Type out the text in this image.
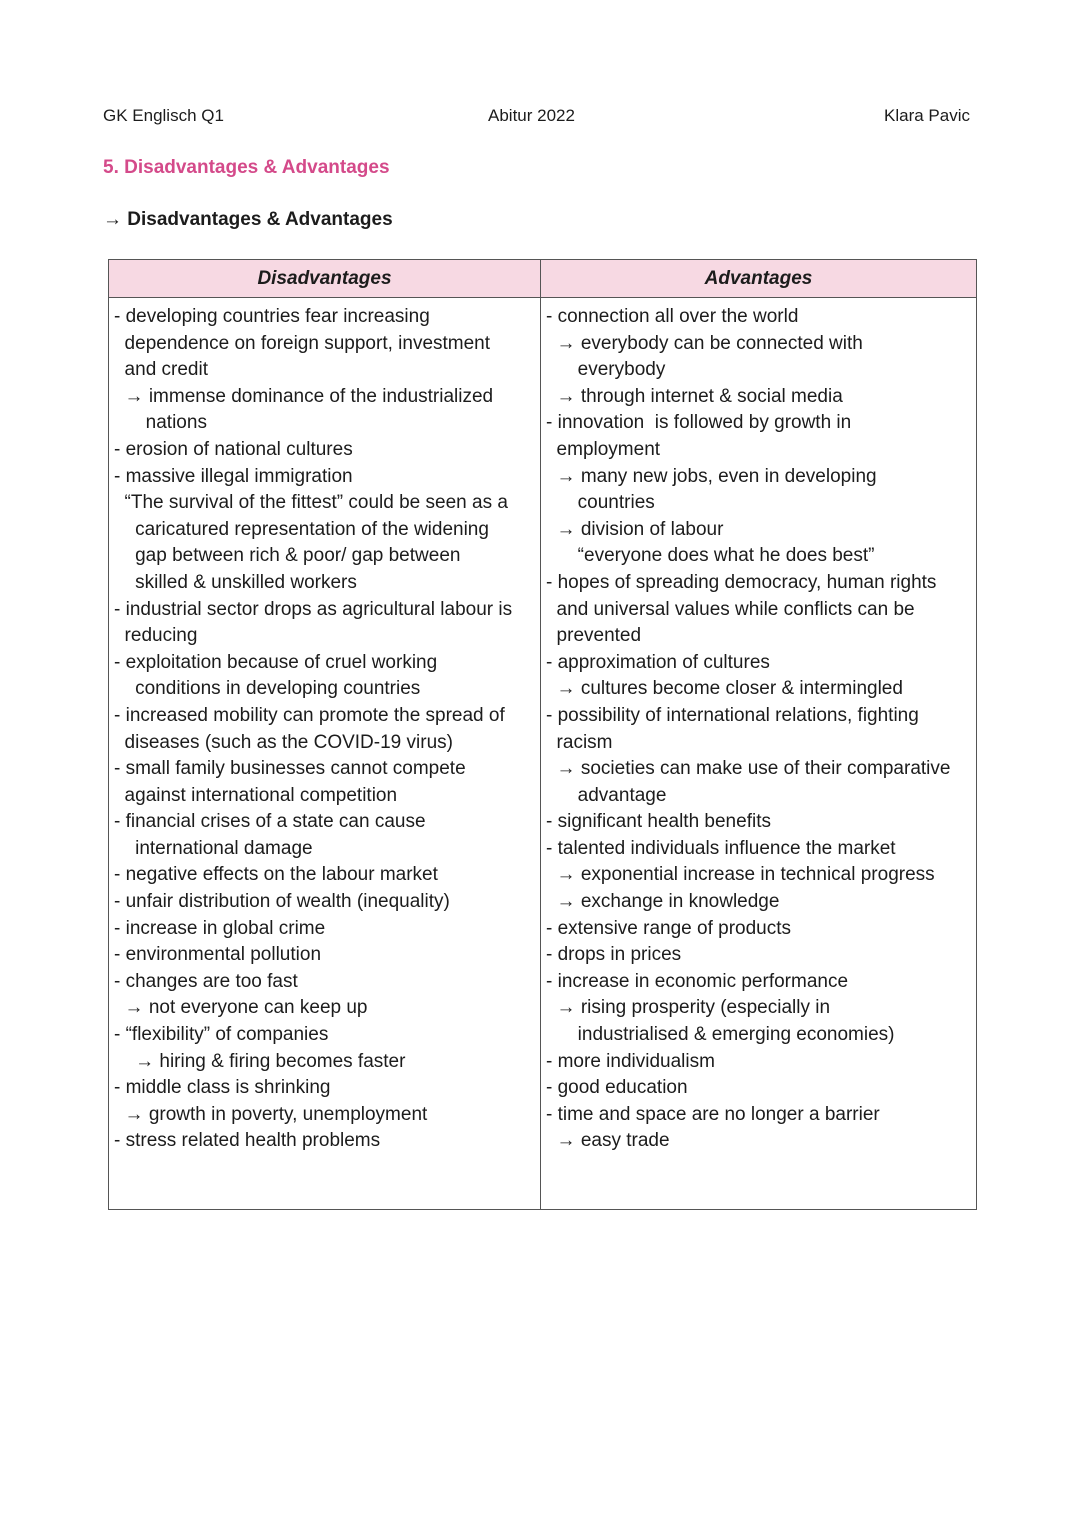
GK Englisch Q1	Abitur 2022	Klara Pavic
5. Disadvantages & Advantages
→ Disadvantages & Advantages
Disadvantages	Advantages
- developing countries fear increasing
dependence on foreign support, investment
and credit
→ immense dominance of the industrialized
nations
- erosion of national cultures
- massive illegal immigration
“The survival of the fittest” could be seen as a
caricatured representation of the widening
gap between rich & poor/ gap between
skilled & unskilled workers
- industrial sector drops as agricultural labour is
reducing
- exploitation because of cruel working
conditions in developing countries
- increased mobility can promote the spread of
diseases (such as the COVID-19 virus)
- small family businesses cannot compete
against international competition
- financial crises of a state can cause
international damage
- negative effects on the labour market
- unfair distribution of wealth (inequality)
- increase in global crime
- environmental pollution
- changes are too fast
→ not everyone can keep up
- “flexibility” of companies
→ hiring & firing becomes faster
- middle class is shrinking
→ growth in poverty, unemployment
- stress related health problems
- connection all over the world
→ everybody can be connected with
everybody
→ through internet & social media
- innovation  is followed by growth in
employment
→ many new jobs, even in developing
countries
→ division of labour
“everyone does what he does best”
- hopes of spreading democracy, human rights
and universal values while conflicts can be
prevented
- approximation of cultures
→ cultures become closer & intermingled
- possibility of international relations, fighting
racism
→ societies can make use of their comparative
advantage
- significant health benefits
- talented individuals influence the market
→ exponential increase in technical progress
→ exchange in knowledge
- extensive range of products
- drops in prices
- increase in economic performance
→ rising prosperity (especially in
industrialised & emerging economies)
- more individualism
- good education
- time and space are no longer a barrier
→ easy trade
